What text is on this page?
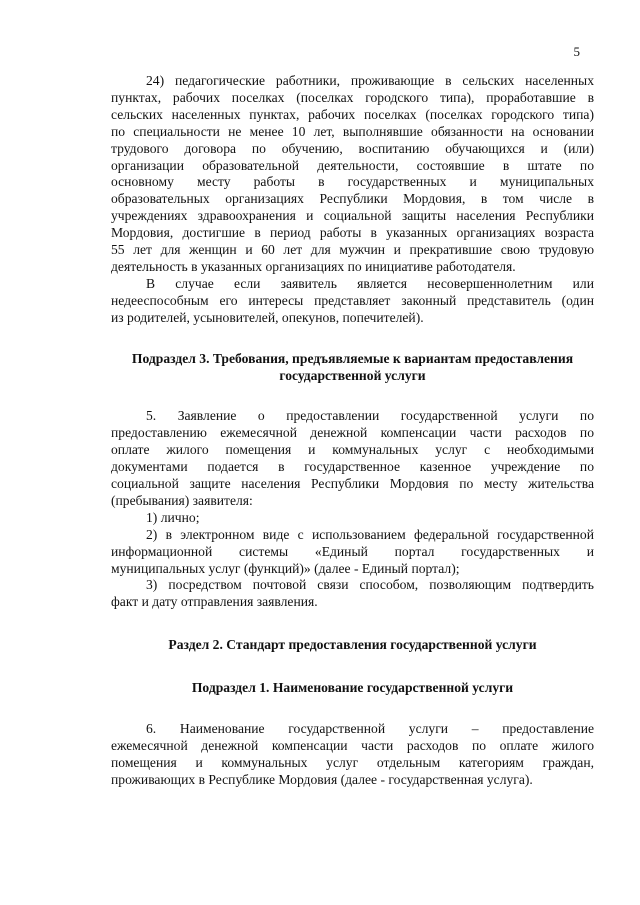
5
24) педагогические работники, проживающие в сельских населенных
пунктах, рабочих поселках (поселках городского типа), проработавшие в
сельских населенных пунктах, рабочих поселках (поселках городского типа)
по специальности не менее 10 лет, выполнявшие обязанности на основании
трудового договора по обучению, воспитанию обучающихся и (или)
организации образовательной деятельности, состоявшие в штате по
основному месту работы в государственных и муниципальных
образовательных организациях Республики Мордовия, в том числе в
учреждениях здравоохранения и социальной защиты населения Республики
Мордовия, достигшие в период работы в указанных организациях возраста
55 лет для женщин и 60 лет для мужчин и прекратившие свою трудовую
деятельность в указанных организациях по инициативе работодателя.
В случае если заявитель является несовершеннолетним или
недееспособным его интересы представляет законный представитель (один
из родителей, усыновителей, опекунов, попечителей).
Подраздел 3. Требования, предъявляемые к вариантам предоставления
государственной услуги
5. Заявление о предоставлении государственной услуги по
предоставлению ежемесячной денежной компенсации части расходов по
оплате жилого помещения и коммунальных услуг с необходимыми
документами подается в государственное казенное учреждение по
социальной защите населения Республики Мордовия по месту жительства
(пребывания) заявителя:
1) лично;
2) в электронном виде с использованием федеральной государственной
информационной системы «Единый портал государственных и
муниципальных услуг (функций)» (далее - Единый портал);
3) посредством почтовой связи способом, позволяющим подтвердить
факт и дату отправления заявления.
Раздел 2. Стандарт предоставления государственной услуги
Подраздел 1. Наименование государственной услуги
6. Наименование государственной услуги – предоставление
ежемесячной денежной компенсации части расходов по оплате жилого
помещения и коммунальных услуг отдельным категориям граждан,
проживающих в Республике Мордовия (далее - государственная услуга).
